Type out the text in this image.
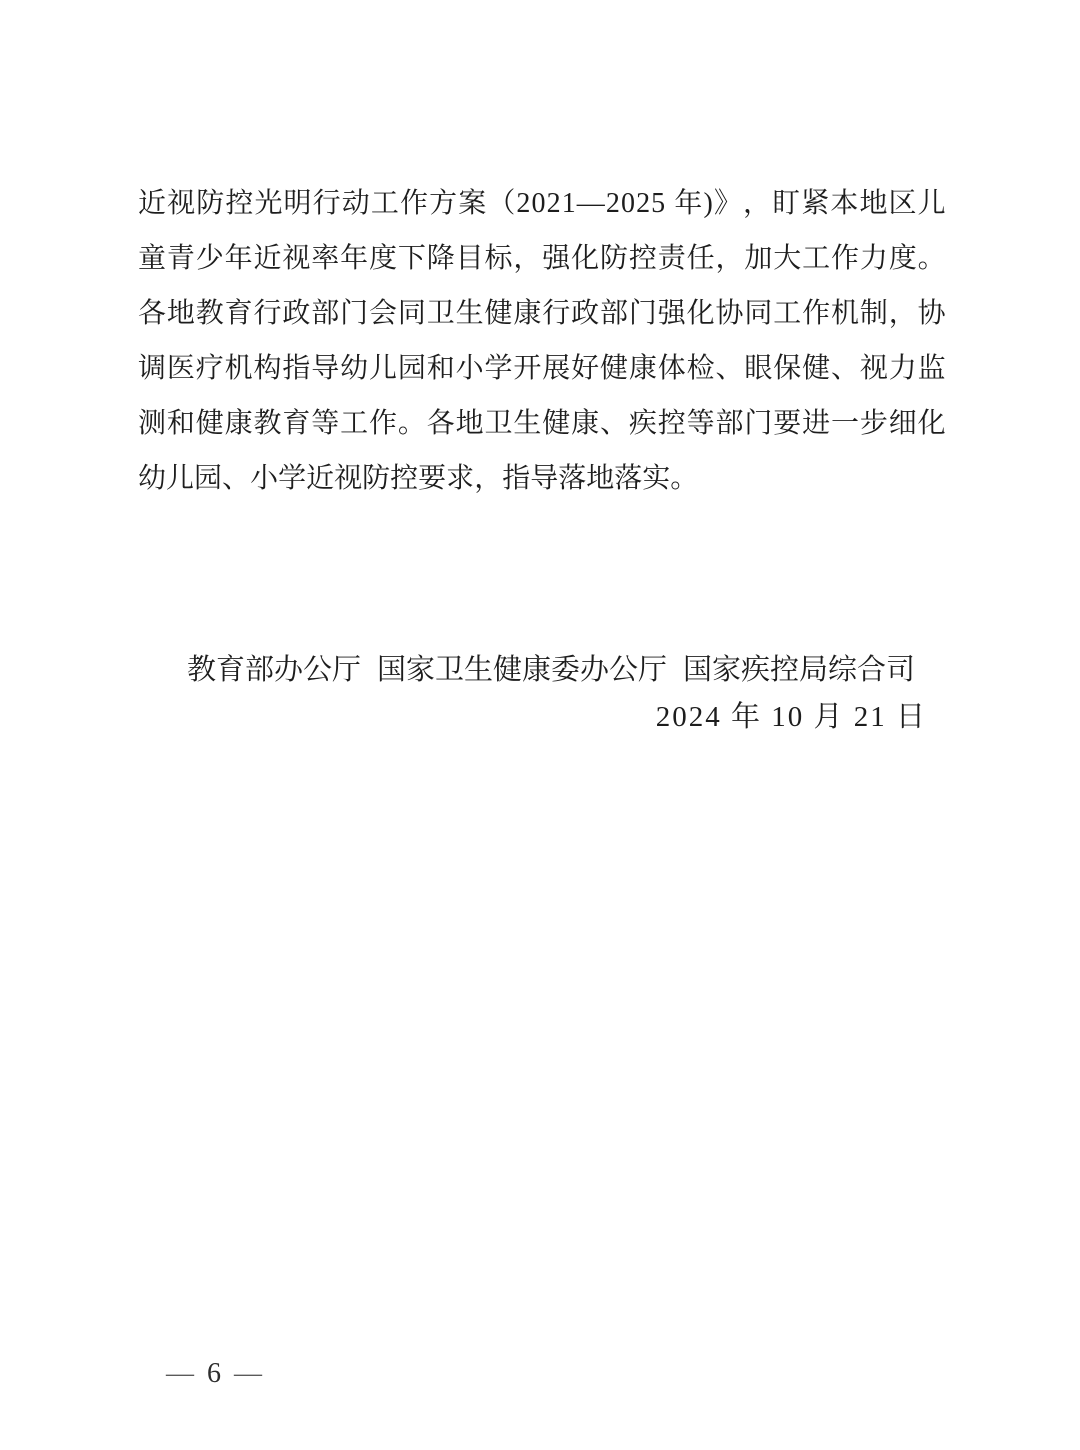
近 视 防 控 光 明 行 动 工 作 方 案 （ 2 0 2 1 — 2 0 2 5
年 ) 》 ， 盯 紧 本 地 区 儿
童 青 少 年 近 视 率 年 度 下 降 目 标 ， 强 化 防 控 责 任 ， 加 大 工 作 力 度 。
各 地 教 育 行 政 部 门 会 同 卫 生 健 康 行 政 部 门 强 化 协 同 工 作 机 制 ， 协
调 医 疗 机 构 指 导 幼 儿 园 和 小 学 开 展 好 健 康 体 检 、 眼 保 健 、 视 力 监
测 和 健 康 教 育 等 工 作 。 各 地 卫 生 健 康 、 疾 控 等 部 门 要 进 一 步 细 化
幼 儿 园 、 小 学 近 视 防 控 要 求 ， 指 导 落 地 落 实 。
教育部办公厅 国家卫生健康委办公厅 国家疾控局综合司
2024 年 10 月 21 日
— 6 —
